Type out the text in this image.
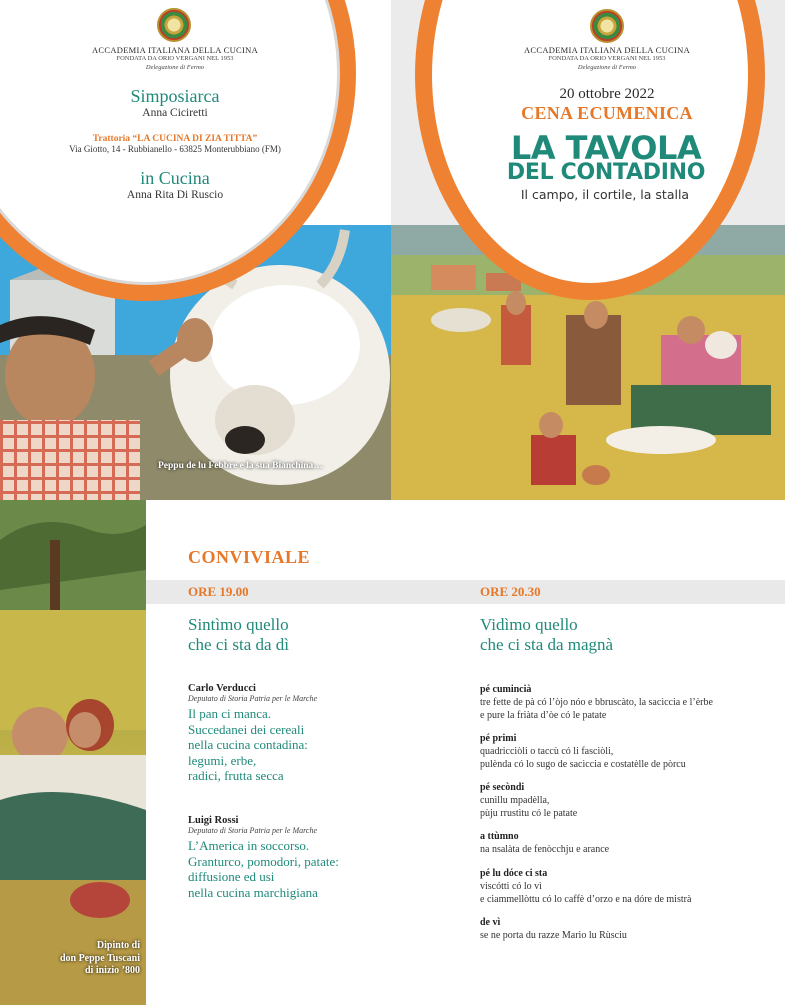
Peppu de lu Febbre e la sua Bianchina…
ACCADEMIA ITALIANA DELLA CUCINA
FONDATA DA ORIO VERGANI NEL 1953
Delegazione di Fermo
Simposiarca
Anna Ciciretti
Trattoria “LA CUCINA DI ZIA TITTA”
Via Giotto, 14 - Rubbianello - 63825 Monterubbiano (FM)
in Cucina
Anna Rita Di Ruscio
ACCADEMIA ITALIANA DELLA CUCINA
FONDATA DA ORIO VERGANI NEL 1953
Delegazione di Fermo
20 ottobre 2022
CENA ECUMENICA
LA TAVOLA
DEL CONTADINO
Il campo, il cortile, la stalla
Dipinto di
don Peppe Tuscani
di inizio ’800
CONVIVIALE
ORE 19.00	ORE 20.30
Sintìmo quello
che ci sta da dì
Vidìmo quello
che ci sta da magnà
Carlo Verducci
Deputato di Storia Patria per le Marche
Il pan ci manca.
Succedanei dei cereali
nella cucina contadina:
legumi, erbe,
radici, frutta secca
Luigi Rossi
Deputato di Storia Patria per le Marche
L’America in soccorso.
Granturco, pomodori, patate:
diffusione ed usi
nella cucina marchigiana
pé cumincià
tre fette de pà có l’òjo nóo e bbruscàto, la sacìccia e l’èrbe
e pure la friàta d’òe có le patate
pé primi
quadricciòli o taccù có li fasciòli,
pulènda có lo sugo de sacìccia e costatèlle de pòrcu
pé secòndi
cunìllu mpadèlla,
pùju rrustìtu có le patate
a ttùmno
na nsalàta de fenòcchju e arance
pé lu dóce ci sta
viscótti có lo vì
e ciammellòttu có lo caffè d’orzo e na dóre de mistrà
de vì
se ne porta du razze Mario lu Rùsciu
